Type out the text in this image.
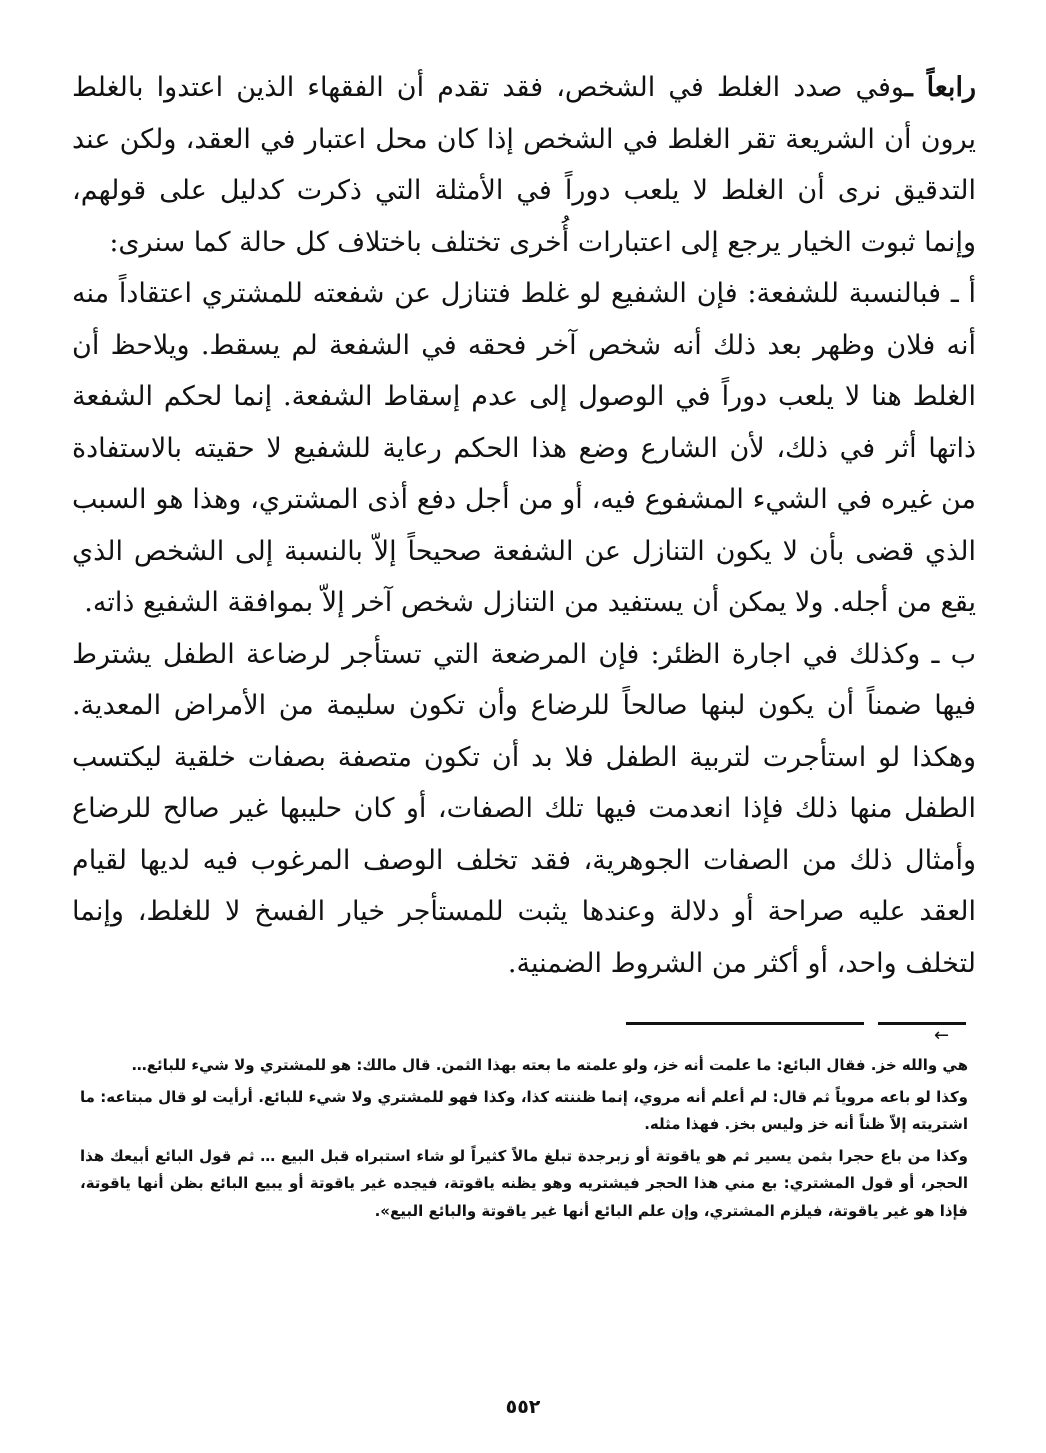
رابعاً ـوفي صدد الغلط في الشخص، فقد تقدم أن الفقهاء الذين اعتدوا بالغلط يرون أن الشريعة تقر الغلط في الشخص إذا كان محل اعتبار في العقد، ولكن عند التدقيق نرى أن الغلط لا يلعب دوراً في الأمثلة التي ذكرت كدليل على قولهم، وإنما ثبوت الخيار يرجع إلى اعتبارات أُخرى تختلف باختلاف كل حالة كما سنرى:

أ ـ فبالنسبة للشفعة: فإن الشفيع لو غلط فتنازل عن شفعته للمشتري اعتقاداً منه أنه فلان وظهر بعد ذلك أنه شخص آخر فحقه في الشفعة لم يسقط. ويلاحظ أن الغلط هنا لا يلعب دوراً في الوصول إلى عدم إسقاط الشفعة. إنما لحكم الشفعة ذاتها أثر في ذلك، لأن الشارع وضع هذا الحكم رعاية للشفيع لا حقيته بالاستفادة من غيره في الشيء المشفوع فيه، أو من أجل دفع أذى المشتري، وهذا هو السبب الذي قضى بأن لا يكون التنازل عن الشفعة صحيحاً إلاّ بالنسبة إلى الشخص الذي يقع من أجله. ولا يمكن أن يستفيد من التنازل شخص آخر إلاّ بموافقة الشفيع ذاته.

ب ـ وكذلك في اجارة الظئر: فإن المرضعة التي تستأجر لرضاعة الطفل يشترط فيها ضمناً أن يكون لبنها صالحاً للرضاع وأن تكون سليمة من الأمراض المعدية. وهكذا لو استأجرت لتربية الطفل فلا بد أن تكون متصفة بصفات خلقية ليكتسب الطفل منها ذلك فإذا انعدمت فيها تلك الصفات، أو كان حليبها غير صالح للرضاع وأمثال ذلك من الصفات الجوهرية، فقد تخلف الوصف المرغوب فيه لديها لقيام العقد عليه صراحة أو دلالة وعندها يثبت للمستأجر خيار الفسخ لا للغلط، وإنما لتخلف واحد، أو أكثر من الشروط الضمنية.

←

هي والله خز. فقال البائع: ما علمت أنه خز، ولو علمته ما بعته بهذا الثمن. قال مالك: هو للمشتري ولا شيء للبائع…

وكذا لو باعه مروياً ثم قال: لم أعلم أنه مروي، إنما ظننته كذا، وكذا فهو للمشتري ولا شيء للبائع. أرأيت لو قال مبتاعه: ما اشتريته إلاّ ظناً أنه خز وليس بخز. فهذا مثله.

وكذا من باع حجرا بثمن يسير ثم هو ياقوتة أو زبرجدة تبلغ مالاً كثيراً لو شاء استبراه قبل البيع … ثم قول البائع أبيعك هذا الحجر، أو قول المشتري: بع مني هذا الحجر فيشتريه وهو يظنه ياقوتة، فيجده غير ياقوتة أو يبيع البائع بظن أنها ياقوتة، فإذا هو غير ياقوتة، فيلزم المشتري، وإن علم البائع أنها غير ياقوتة والبائع البيع».

٥٥٢
